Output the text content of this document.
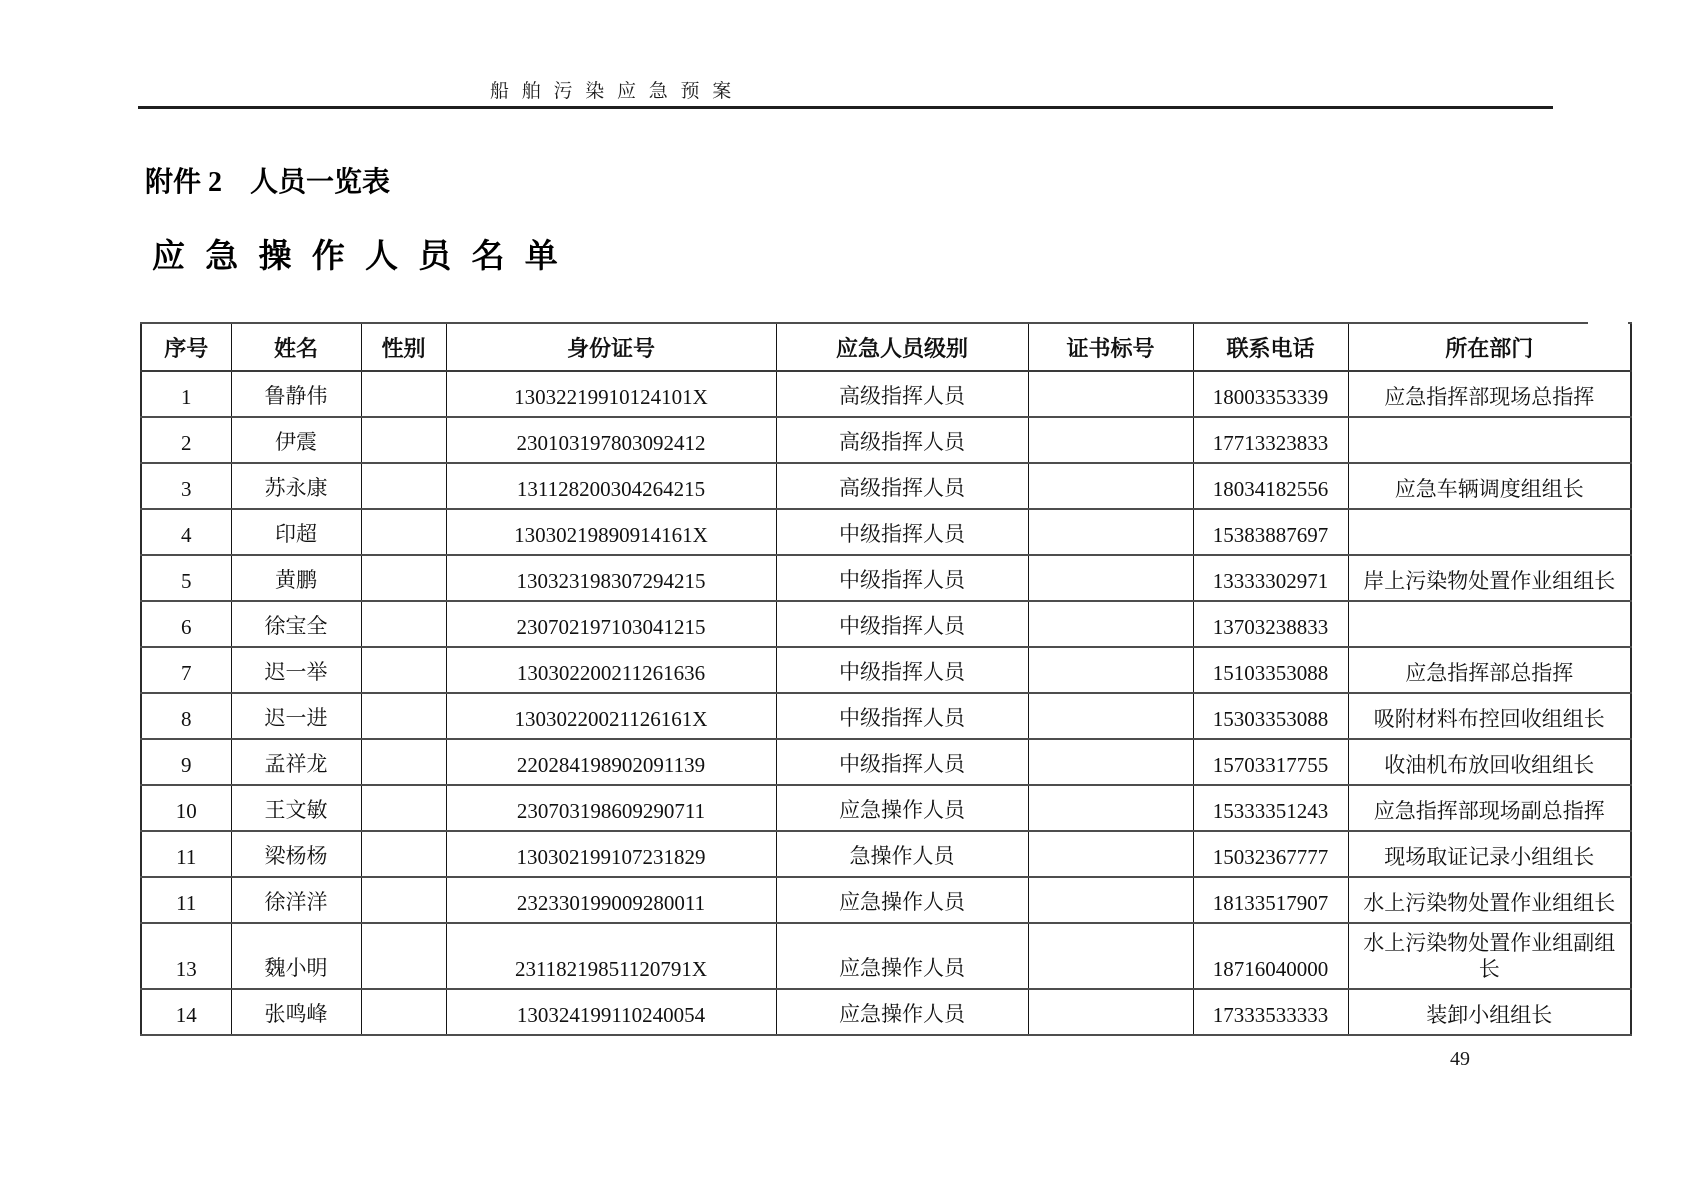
船 舶 污 染 应 急 预 案
附件 2　人员一览表
应 急 操 作 人 员 名 单
序号	姓名	性别	身份证号	应急人员级别	证书标号	联系电话	所在部门
1	鲁静伟		13032219910124101X	高级指挥人员		18003353339	应急指挥部现场总指挥

2	伊震		230103197803092412	高级指挥人员		17713323833	

3	苏永康		131128200304264215	高级指挥人员		18034182556	应急车辆调度组组长

4	印超		13030219890914161X	中级指挥人员		15383887697	

5	黄鹏		130323198307294215	中级指挥人员		13333302971	岸上污染物处置作业组组长

6	徐宝全		230702197103041215	中级指挥人员		13703238833	

7	迟一举		130302200211261636	中级指挥人员		15103353088	应急指挥部总指挥

8	迟一进		13030220021126161X	中级指挥人员		15303353088	吸附材料布控回收组组长

9	孟祥龙		220284198902091139	中级指挥人员		15703317755	收油机布放回收组组长

10	王文敏		230703198609290711	应急操作人员		15333351243	应急指挥部现场副总指挥

11	梁杨杨		130302199107231829	急操作人员		15032367777	现场取证记录小组组长

11	徐洋洋		232330199009280011	应急操作人员		18133517907	水上污染物处置作业组组长

13	魏小明		23118219851120791X	应急操作人员		18716040000	水上污染物处置作业组副组长

14	张鸣峰		130324199110240054	应急操作人员		17333533333	装卸小组组长
49
